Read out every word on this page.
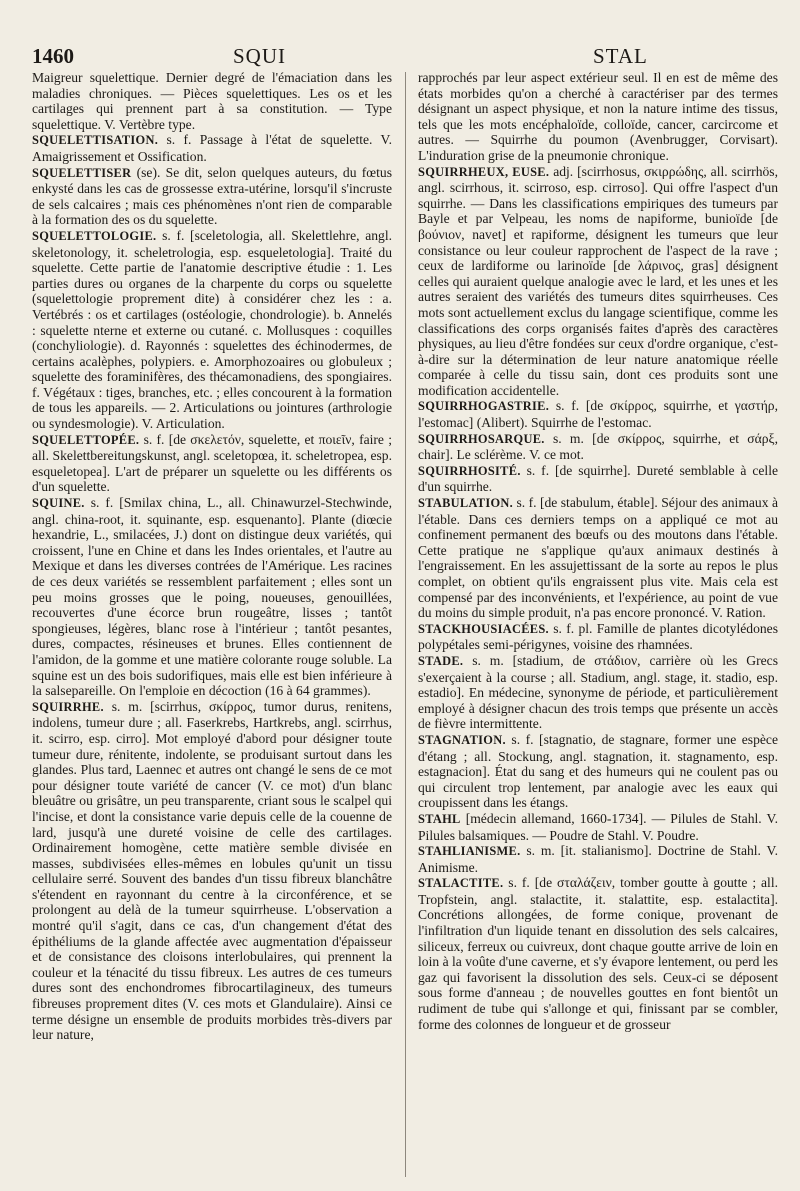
1460	SQUI	STAL

Maigreur squelettique. Dernier degré de l'émaciation dans les maladies chroniques. — Pièces squelettiques. Les os et les cartilages qui prennent part à sa constitution. — Type squelettique. V. Vertèbre type.

SQUELETTISATION. s. f. Passage à l'état de squelette. V. Amaigrissement et Ossification.

SQUELETTISER (se). Se dit, selon quelques auteurs, du fœtus enkysté dans les cas de grossesse extra-utérine, lorsqu'il s'incruste de sels calcaires ; mais ces phénomènes n'ont rien de comparable à la formation des os du squelette.

SQUELETTOLOGIE. s. f. [sceletologia, all. Skelettlehre, angl. skeletonology, it. scheletrologia, esp. esqueletologia]. Traité du squelette. Cette partie de l'anatomie descriptive étudie : 1. Les parties dures ou organes de la charpente du corps ou squelette (squelettologie proprement dite) à considérer chez les : a. Vertébrés : os et cartilages (ostéologie, chondrologie). b. Annelés : squelette nterne et externe ou cutané. c. Mollusques : coquilles (conchyliologie). d. Rayonnés : squelettes des échinodermes, de certains acalèphes, polypiers. e. Amorphozoaires ou globuleux ; squelette des foraminifères, des thécamonadiens, des spongiaires. f. Végétaux : tiges, branches, etc. ; elles concourent à la formation de tous les appareils. — 2. Articulations ou jointures (arthrologie ou syndesmologie). V. Articulation.

SQUELETTOPÉE. s. f. [de σκελετόν, squelette, et ποιεῖν, faire ; all. Skelettbereitungskunst, angl. sceletopœa, it. scheletropea, esp. esqueletopea]. L'art de préparer un squelette ou les différents os d'un squelette.

SQUINE. s. f. [Smilax china, L., all. Chinawurzel-Stechwinde, angl. china-root, it. squinante, esp. esquenanto]. Plante (diœcie hexandrie, L., smilacées, J.) dont on distingue deux variétés, qui croissent, l'une en Chine et dans les Indes orientales, et l'autre au Mexique et dans les diverses contrées de l'Amérique. Les racines de ces deux variétés se ressemblent parfaitement ; elles sont un peu moins grosses que le poing, noueuses, genouillées, recouvertes d'une écorce brun rougeâtre, lisses ; tantôt spongieuses, légères, blanc rose à l'intérieur ; tantôt pesantes, dures, compactes, résineuses et brunes. Elles contiennent de l'amidon, de la gomme et une matière colorante rouge soluble. La squine est un des bois sudorifiques, mais elle est bien inférieure à la salsepareille. On l'emploie en décoction (16 à 64 grammes).

SQUIRRHE. s. m. [scirrhus, σκίρρος, tumor durus, renitens, indolens, tumeur dure ; all. Faserkrebs, Hartkrebs, angl. scirrhus, it. scirro, esp. cirro]. Mot employé d'abord pour désigner toute tumeur dure, rénitente, indolente, se produisant surtout dans les glandes. Plus tard, Laennec et autres ont changé le sens de ce mot pour désigner toute variété de cancer (V. ce mot) d'un blanc bleuâtre ou grisâtre, un peu transparente, criant sous le scalpel qui l'incise, et dont la consistance varie depuis celle de la couenne de lard, jusqu'à une dureté voisine de celle des cartilages. Ordinairement homogène, cette matière semble divisée en masses, subdivisées elles-mêmes en lobules qu'unit un tissu cellulaire serré. Souvent des bandes d'un tissu fibreux blanchâtre s'étendent en rayonnant du centre à la circonférence, et se prolongent au delà de la tumeur squirrheuse. L'observation a montré qu'il s'agit, dans ce cas, d'un changement d'état des épithéliums de la glande affectée avec augmentation d'épaisseur et de consistance des cloisons interlobulaires, qui prennent la couleur et la ténacité du tissu fibreux. Les autres de ces tumeurs dures sont des enchondromes fibrocartilagineux, des tumeurs fibreuses proprement dites (V. ces mots et Glandulaire). Ainsi ce terme désigne un ensemble de produits morbides très-divers par leur nature,

rapprochés par leur aspect extérieur seul. Il en est de même des états morbides qu'on a cherché à caractériser par des termes désignant un aspect physique, et non la nature intime des tissus, tels que les mots encéphaloïde, colloïde, cancer, carcircome et autres. — Squirrhe du poumon (Avenbrugger, Corvisart). L'induration grise de la pneumonie chronique.

SQUIRRHEUX, EUSE. adj. [scirrhosus, σκιρρώδης, all. scirrhös, angl. scirrhous, it. scirroso, esp. cirroso]. Qui offre l'aspect d'un squirrhe. — Dans les classifications empiriques des tumeurs par Bayle et par Velpeau, les noms de napiforme, bunioïde [de βούνιον, navet] et rapiforme, désignent les tumeurs que leur consistance ou leur couleur rapprochent de l'aspect de la rave ; ceux de lardiforme ou larinoïde [de λάρινος, gras] désignent celles qui auraient quelque analogie avec le lard, et les unes et les autres seraient des variétés des tumeurs dites squirrheuses. Ces mots sont actuellement exclus du langage scientifique, comme les classifications des corps organisés faites d'après des caractères physiques, au lieu d'être fondées sur ceux d'ordre organique, c'est-à-dire sur la détermination de leur nature anatomique réelle comparée à celle du tissu sain, dont ces produits sont une modification accidentelle.

SQUIRRHOGASTRIE. s. f. [de σκίρρος, squirrhe, et γαστήρ, l'estomac] (Alibert). Squirrhe de l'estomac.

SQUIRRHOSARQUE. s. m. [de σκίρρος, squirrhe, et σάρξ, chair]. Le sclérème. V. ce mot.

SQUIRRHOSITÉ. s. f. [de squirrhe]. Dureté semblable à celle d'un squirrhe.

STABULATION. s. f. [de stabulum, étable]. Séjour des animaux à l'étable. Dans ces derniers temps on a appliqué ce mot au confinement permanent des bœufs ou des moutons dans l'étable. Cette pratique ne s'applique qu'aux animaux destinés à l'engraissement. En les assujettissant de la sorte au repos le plus complet, on obtient qu'ils engraissent plus vite. Mais cela est compensé par des inconvénients, et l'expérience, au point de vue du moins du simple produit, n'a pas encore prononcé. V. Ration.

STACKHOUSIACÉES. s. f. pl. Famille de plantes dicotylédones polypétales semi-périgynes, voisine des rhamnées.

STADE. s. m. [stadium, de στάδιον, carrière où les Grecs s'exerçaient à la course ; all. Stadium, angl. stage, it. stadio, esp. estadio]. En médecine, synonyme de période, et particulièrement employé à désigner chacun des trois temps que présente un accès de fièvre intermittente.

STAGNATION. s. f. [stagnatio, de stagnare, former une espèce d'étang ; all. Stockung, angl. stagnation, it. stagnamento, esp. estagnacion]. État du sang et des humeurs qui ne coulent pas ou qui circulent trop lentement, par analogie avec les eaux qui croupissent dans les étangs.

STAHL [médecin allemand, 1660-1734]. — Pilules de Stahl. V. Pilules balsamiques. — Poudre de Stahl. V. Poudre.

STAHLIANISME. s. m. [it. stalianismo]. Doctrine de Stahl. V. Animisme.

STALACTITE. s. f. [de σταλάζειν, tomber goutte à goutte ; all. Tropfstein, angl. stalactite, it. stalattite, esp. estalactita]. Concrétions allongées, de forme conique, provenant de l'infiltration d'un liquide tenant en dissolution des sels calcaires, siliceux, ferreux ou cuivreux, dont chaque goutte arrive de loin en loin à la voûte d'une caverne, et s'y évapore lentement, ou perd les gaz qui favorisent la dissolution des sels. Ceux-ci se déposent sous forme d'anneau ; de nouvelles gouttes en font bientôt un rudiment de tube qui s'allonge et qui, finissant par se combler, forme des colonnes de longueur et de grosseur
